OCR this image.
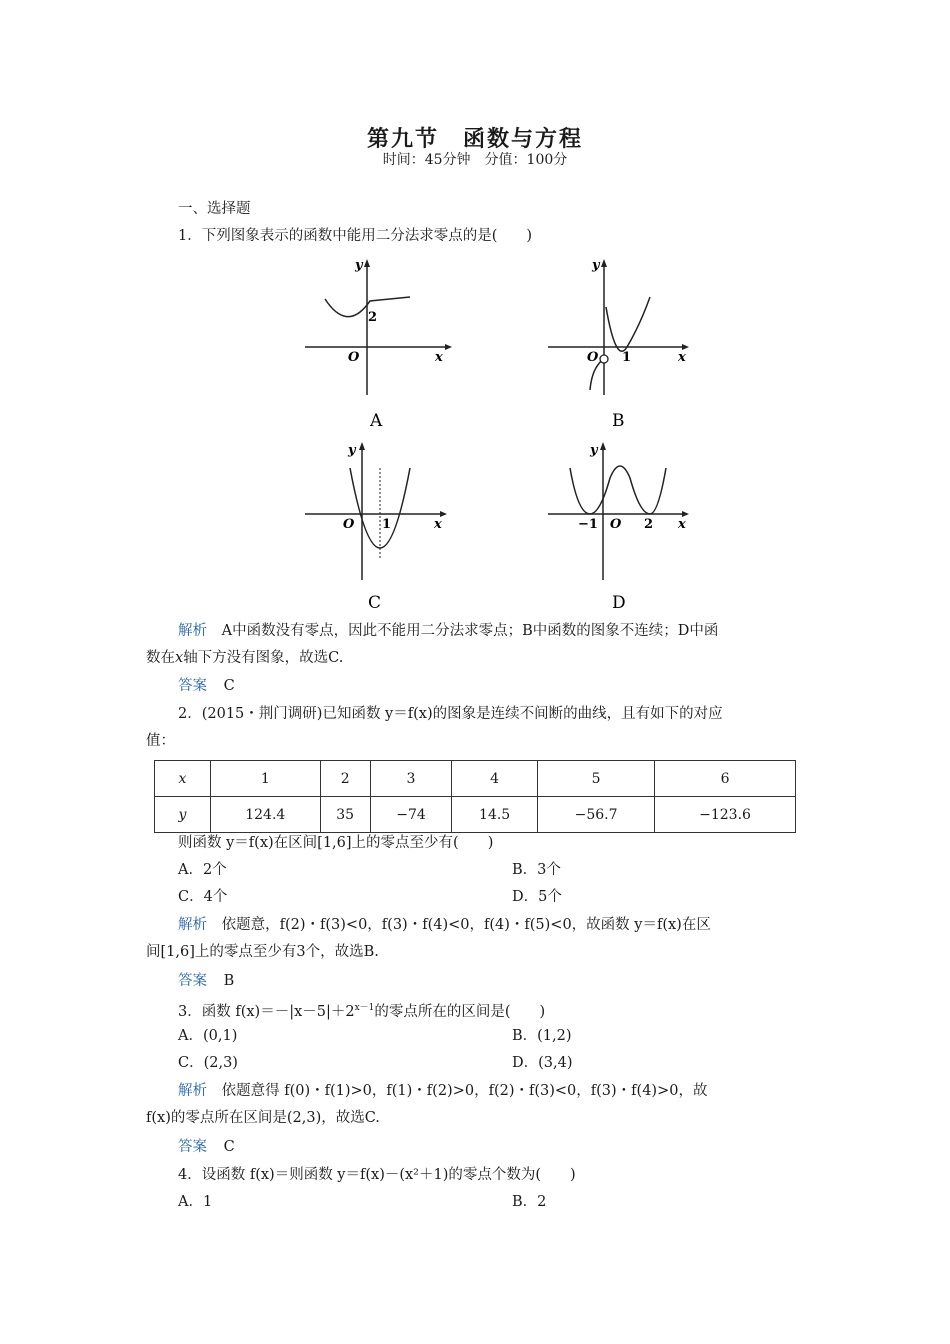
第九节　函数与方程
时间：45分钟　分值：100分
一、选择题
1．下列图象表示的函数中能用二分法求零点的是(　　)
y
2
O	x
A
y
O 1	x
B
y
O 1	x
C
y
−1 O 2 x
D
解析 A中函数没有零点，因此不能用二分法求零点；B中函数的图象不连续；D中函
数在x轴下方没有图象，故选C.
答案 C
2．(2015・荆门调研)已知函数 y＝f(x)的图象是连续不间断的曲线，且有如下的对应
值：
x	1	2	3	4	5	6
y	124.4	35	−74	14.5	−56.7	−123.6
则函数 y＝f(x)在区间[1,6]上的零点至少有(　　)
A．2个	B．3个
C．4个	D．5个
解析 依题意，f(2)・f(3)<0，f(3)・f(4)<0，f(4)・f(5)<0，故函数 y＝f(x)在区
间[1,6]上的零点至少有3个，故选B.
答案 B
3．函数 $f(x)=-|x-5|+2^{x-1}$的零点所在的区间是(　　)
A．(0,1)	B．(1,2)
C．(2,3)	D．(3,4)
解析 依题意得 f(0)・f(1)>0，f(1)・f(2)>0，f(2)・f(3)<0，f(3)・f(4)>0，故
f(x)的零点所在区间是(2,3)，故选C.
答案 C
4．设函数 f(x)＝则函数 y＝f(x)－(x²＋1)的零点个数为(　　)
A．1	B．2
